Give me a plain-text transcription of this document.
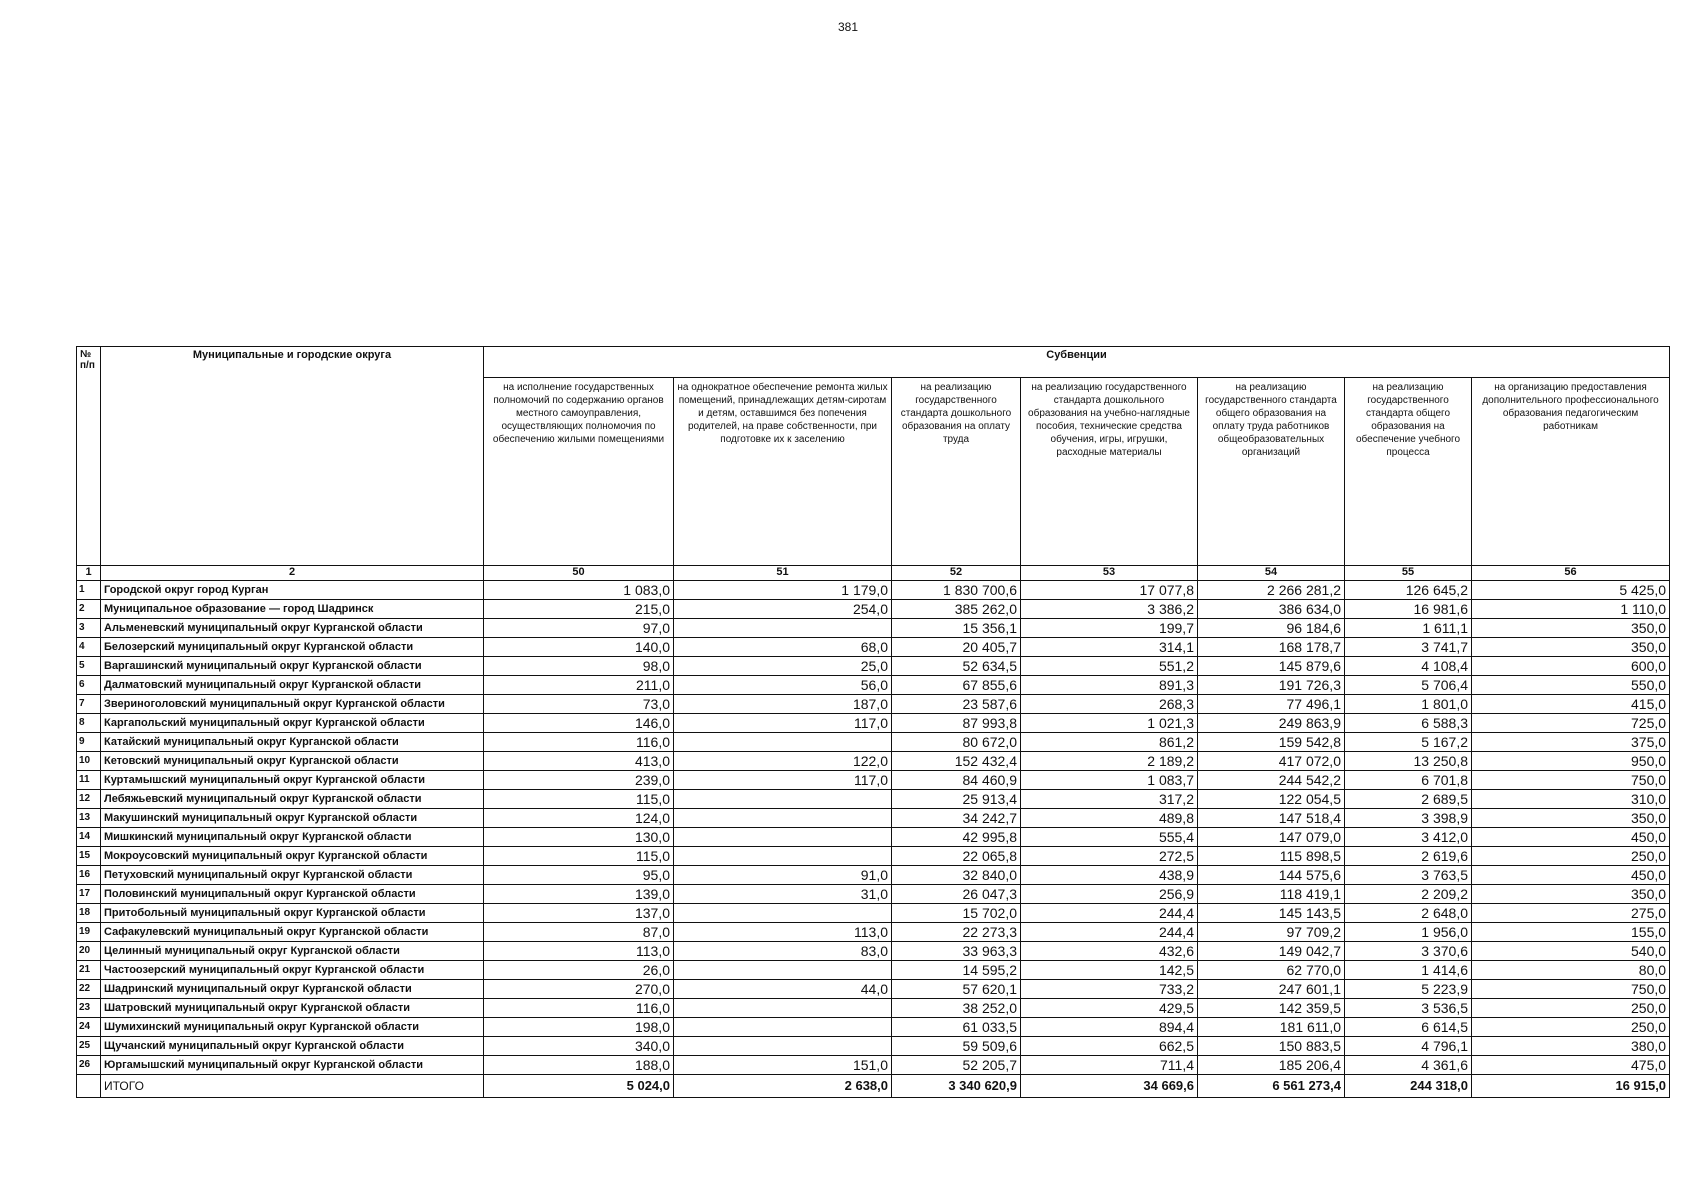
381
№ п/п	Муниципальные и городские округа	Субвенции						
		на исполнение государственных полномочий по содержанию органов местного самоуправления, осуществляющих полномочия по обеспечению жилыми помещениями	на однократное обеспечение ремонта жилых помещений, принадлежащих детям-сиротам и детям, оставшимся без попечения родителей, на праве собственности, при подготовке их к заселению	на реализацию государственного стандарта дошкольного образования на оплату труда	на реализацию государственного стандарта дошкольного образования на учебно-наглядные пособия, технические средства обучения, игры, игрушки, расходные материалы	на реализацию государственного стандарта общего образования на оплату труда работников общеобразовательных организаций	на реализацию государственного стандарта общего образования на обеспечение учебного процесса	на организацию предоставления дополнительного профессионального образования педагогическим работникам
1	2	50	51	52	53	54	55	56
1	Городской округ город Курган	1 083,0	1 179,0	1 830 700,6	17 077,8	2 266 281,2	126 645,2	5 425,0
2	Муниципальное образование — город Шадринск	215,0	254,0	385 262,0	3 386,2	386 634,0	16 981,6	1 110,0
3	Альменевский муниципальный округ Курганской области	97,0		15 356,1	199,7	96 184,6	1 611,1	350,0
4	Белозерский муниципальный округ Курганской области	140,0	68,0	20 405,7	314,1	168 178,7	3 741,7	350,0
5	Варгашинский муниципальный округ Курганской области	98,0	25,0	52 634,5	551,2	145 879,6	4 108,4	600,0
6	Далматовский муниципальный округ Курганской области	211,0	56,0	67 855,6	891,3	191 726,3	5 706,4	550,0
7	Звериноголовский муниципальный округ Курганской области	73,0	187,0	23 587,6	268,3	77 496,1	1 801,0	415,0
8	Каргапольский муниципальный округ Курганской области	146,0	117,0	87 993,8	1 021,3	249 863,9	6 588,3	725,0
9	Катайский муниципальный округ Курганской области	116,0		80 672,0	861,2	159 542,8	5 167,2	375,0
10	Кетовский муниципальный округ Курганской области	413,0	122,0	152 432,4	2 189,2	417 072,0	13 250,8	950,0
11	Куртамышский муниципальный округ Курганской области	239,0	117,0	84 460,9	1 083,7	244 542,2	6 701,8	750,0
12	Лебяжьевский муниципальный округ Курганской области	115,0		25 913,4	317,2	122 054,5	2 689,5	310,0
13	Макушинский муниципальный округ Курганской области	124,0		34 242,7	489,8	147 518,4	3 398,9	350,0
14	Мишкинский муниципальный округ Курганской области	130,0		42 995,8	555,4	147 079,0	3 412,0	450,0
15	Мокроусовский муниципальный округ Курганской области	115,0		22 065,8	272,5	115 898,5	2 619,6	250,0
16	Петуховский муниципальный округ Курганской области	95,0	91,0	32 840,0	438,9	144 575,6	3 763,5	450,0
17	Половинский муниципальный округ Курганской области	139,0	31,0	26 047,3	256,9	118 419,1	2 209,2	350,0
18	Притобольный муниципальный округ Курганской области	137,0		15 702,0	244,4	145 143,5	2 648,0	275,0
19	Сафакулевский муниципальный округ Курганской области	87,0	113,0	22 273,3	244,4	97 709,2	1 956,0	155,0
20	Целинный муниципальный округ Курганской области	113,0	83,0	33 963,3	432,6	149 042,7	3 370,6	540,0
21	Частоозерский муниципальный округ Курганской области	26,0		14 595,2	142,5	62 770,0	1 414,6	80,0
22	Шадринский муниципальный округ Курганской области	270,0	44,0	57 620,1	733,2	247 601,1	5 223,9	750,0
23	Шатровский муниципальный округ Курганской области	116,0		38 252,0	429,5	142 359,5	3 536,5	250,0
24	Шумихинский муниципальный округ Курганской области	198,0		61 033,5	894,4	181 611,0	6 614,5	250,0
25	Щучанский муниципальный округ Курганской области	340,0		59 509,6	662,5	150 883,5	4 796,1	380,0
26	Юргамышский муниципальный округ Курганской области	188,0	151,0	52 205,7	711,4	185 206,4	4 361,6	475,0
	ИТОГО	5 024,0	2 638,0	3 340 620,9	34 669,6	6 561 273,4	244 318,0	16 915,0
